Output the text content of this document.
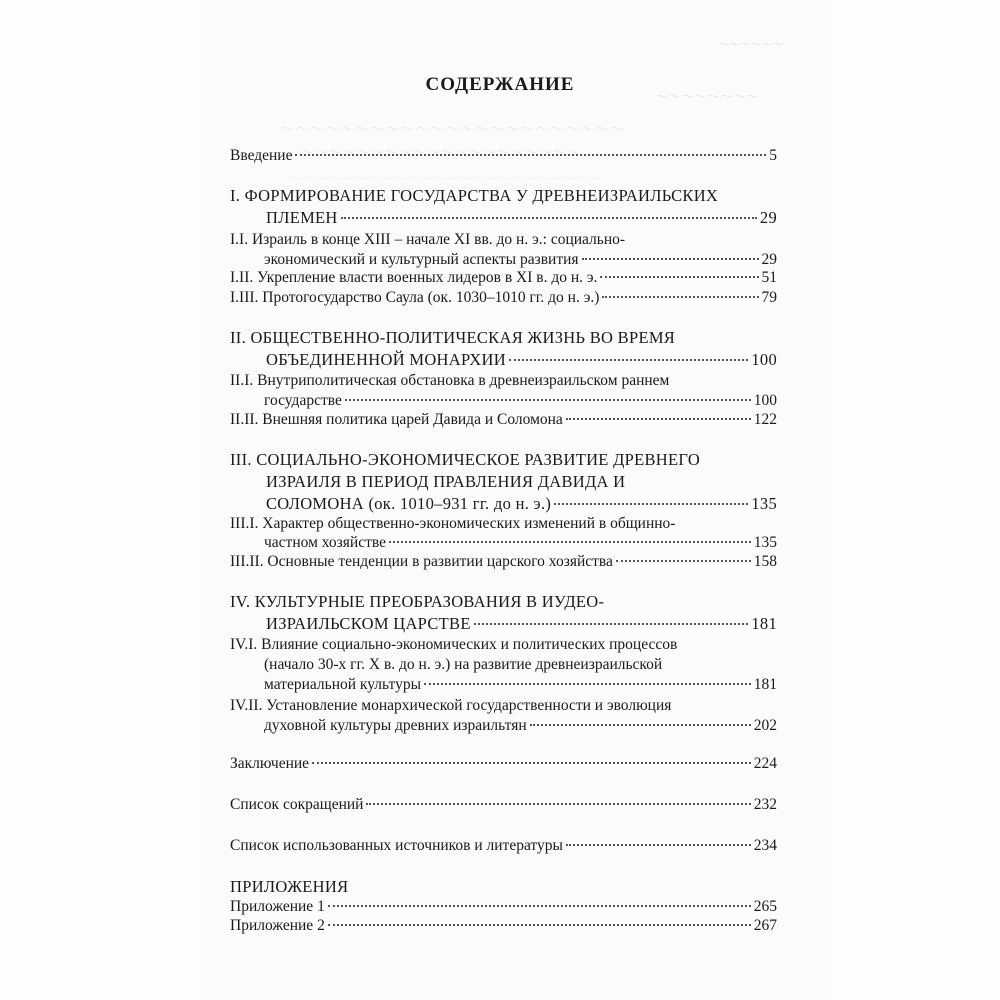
～～～～～～
～～～～～～～～
～～～～～～～～～～～～～～～～～～～～～～～
～～～～～～～～～～～～～～～～～～～～
～～～～～～～～～～～～～～～～～～～～～～～～
СОДЕРЖАНИЕ
Введение	5
I. ФОРМИРОВАНИЕ ГОСУДАРСТВА У ДРЕВНЕИЗРАИЛЬСКИХ
ПЛЕМЕН	29
I.I. Израиль в конце XIII – начале XI вв. до н. э.: социально-
экономический и культурный аспекты развития	29
I.II. Укрепление власти военных лидеров в XI в. до н. э.	51
I.III. Протогосударство Саула (ок. 1030–1010 гг. до н. э.)	79
II. ОБЩЕСТВЕННО-ПОЛИТИЧЕСКАЯ ЖИЗНЬ ВО ВРЕМЯ
ОБЪЕДИНЕННОЙ МОНАРХИИ	100
II.I. Внутриполитическая обстановка в древнеизраильском раннем
государстве	100
II.II. Внешняя политика царей Давида и Соломона	122
III. СОЦИАЛЬНО-ЭКОНОМИЧЕСКОЕ РАЗВИТИЕ ДРЕВНЕГО
ИЗРАИЛЯ В ПЕРИОД ПРАВЛЕНИЯ ДАВИДА И
СОЛОМОНА (ок. 1010–931 гг. до н. э.)	135
III.I. Характер общественно-экономических изменений в общинно-
частном хозяйстве	135
III.II. Основные тенденции в развитии царского хозяйства	158
IV. КУЛЬТУРНЫЕ ПРЕОБРАЗОВАНИЯ В ИУДЕО-
ИЗРАИЛЬСКОМ ЦАРСТВЕ	181
IV.I. Влияние социально-экономических и политических процессов
(начало 30-х гг. X в. до н. э.) на развитие древнеизраильской
материальной культуры	181
IV.II. Установление монархической государственности и эволюция
духовной культуры древних израильтян	202
Заключение	224
Список сокращений	232
Список использованных источников и литературы	234
ПРИЛОЖЕНИЯ
Приложение 1	265
Приложение 2	267
